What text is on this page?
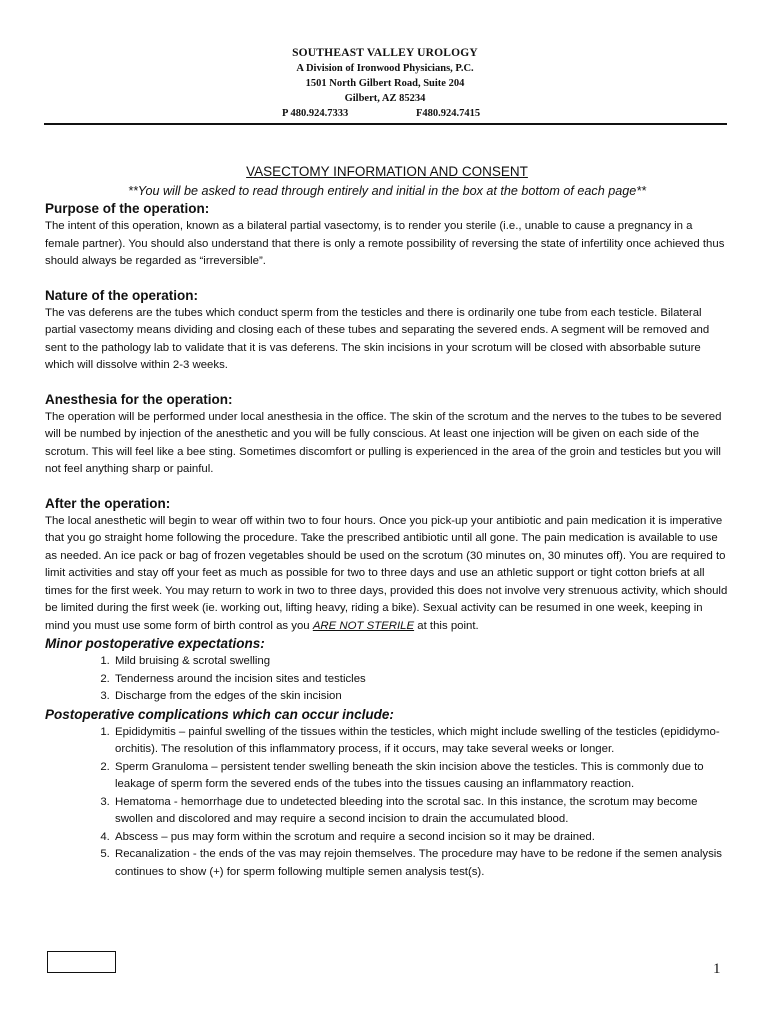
SOUTHEAST VALLEY UROLOGY
A Division of Ironwood Physicians, P.C.
1501 North Gilbert Road, Suite 204
Gilbert, AZ 85234
P 480.924.7333	F480.924.7415
VASECTOMY INFORMATION AND CONSENT

**You will be asked to read through entirely and initial in the box at the bottom of each page**

Purpose of the operation:

The intent of this operation, known as a bilateral partial vasectomy, is to render you sterile (i.e., unable to cause a pregnancy in a female partner). You should also understand that there is only a remote possibility of reversing the state of infertility once achieved thus should always be regarded as “irreversible”.

Nature of the operation:

The vas deferens are the tubes which conduct sperm from the testicles and there is ordinarily one tube from each testicle. Bilateral partial vasectomy means dividing and closing each of these tubes and separating the severed ends. A segment will be removed and sent to the pathology lab to validate that it is vas deferens. The skin incisions in your scrotum will be closed with absorbable suture which will dissolve within 2-3 weeks.

Anesthesia for the operation:

The operation will be performed under local anesthesia in the office. The skin of the scrotum and the nerves to the tubes to be severed will be numbed by injection of the anesthetic and you will be fully conscious. At least one injection will be given on each side of the scrotum. This will feel like a bee sting. Sometimes discomfort or pulling is experienced in the area of the groin and testicles but you will not feel anything sharp or painful.

After the operation:

The local anesthetic will begin to wear off within two to four hours. Once you pick-up your antibiotic and pain medication it is imperative that you go straight home following the procedure. Take the prescribed antibiotic until all gone. The pain medication is available to use as needed. An ice pack or bag of frozen vegetables should be used on the scrotum (30 minutes on, 30 minutes off). You are required to limit activities and stay off your feet as much as possible for two to three days and use an athletic support or tight cotton briefs at all times for the first week. You may return to work in two to three days, provided this does not involve very strenuous activity, which should be limited during the first week (ie. working out, lifting heavy, riding a bike). Sexual activity can be resumed in one week, keeping in mind you must use some form of birth control as you ARE NOT STERILE at this point.

Minor postoperative expectations:
1. Mild bruising & scrotal swelling
2. Tenderness around the incision sites and testicles
3. Discharge from the edges of the skin incision
Postoperative complications which can occur include:
1. Epididymitis – painful swelling of the tissues within the testicles, which might include swelling of the testicles (epididymo-orchitis). The resolution of this inflammatory process, if it occurs, may take several weeks or longer.
2. Sperm Granuloma – persistent tender swelling beneath the skin incision above the testicles. This is commonly due to leakage of sperm form the severed ends of the tubes into the tissues causing an inflammatory reaction.
3. Hematoma - hemorrhage due to undetected bleeding into the scrotal sac. In this instance, the scrotum may become swollen and discolored and may require a second incision to drain the accumulated blood.
4. Abscess – pus may form within the scrotum and require a second incision so it may be drained.
5. Recanalization - the ends of the vas may rejoin themselves. The procedure may have to be redone if the semen analysis continues to show (+) for sperm following multiple semen analysis test(s).
1
